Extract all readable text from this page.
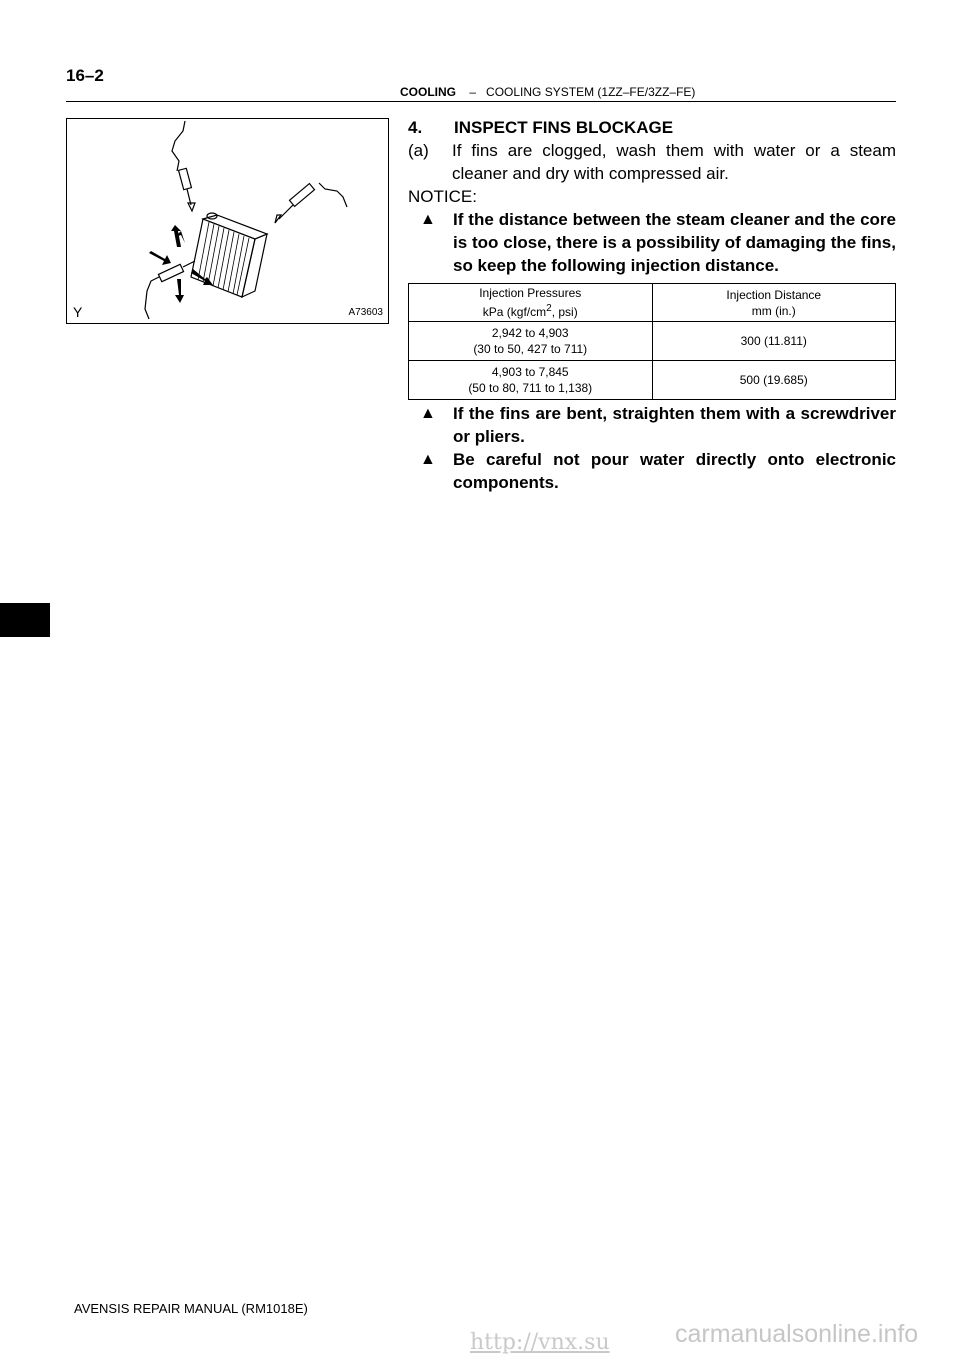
16–2
COOLING – COOLING SYSTEM (1ZZ–FE/3ZZ–FE)
Y	A73603
4.	INSPECT FINS BLOCKAGE
(a)	If fins are clogged, wash them with water or a steam cleaner and dry with compressed air.
NOTICE:
▲	If the distance between the steam cleaner and the core is too close, there is a possibility of damaging the fins, so keep the following injection distance.
Injection Pressures
kPa ($kgf/cm^2$, psi)	Injection Distance
mm (in.)
2,942 to 4,903
(30 to 50, 427 to 711)	300 (11.811)
4,903 to 7,845
(50 to 80, 711 to 1,138)	500 (19.685)
▲	If the fins are bent, straighten them with a screwdriver or pliers.
▲	Be careful not pour water directly onto electronic components.
AVENSIS REPAIR MANUAL (RM1018E)
http://vnx.su	carmanualsonline.info
